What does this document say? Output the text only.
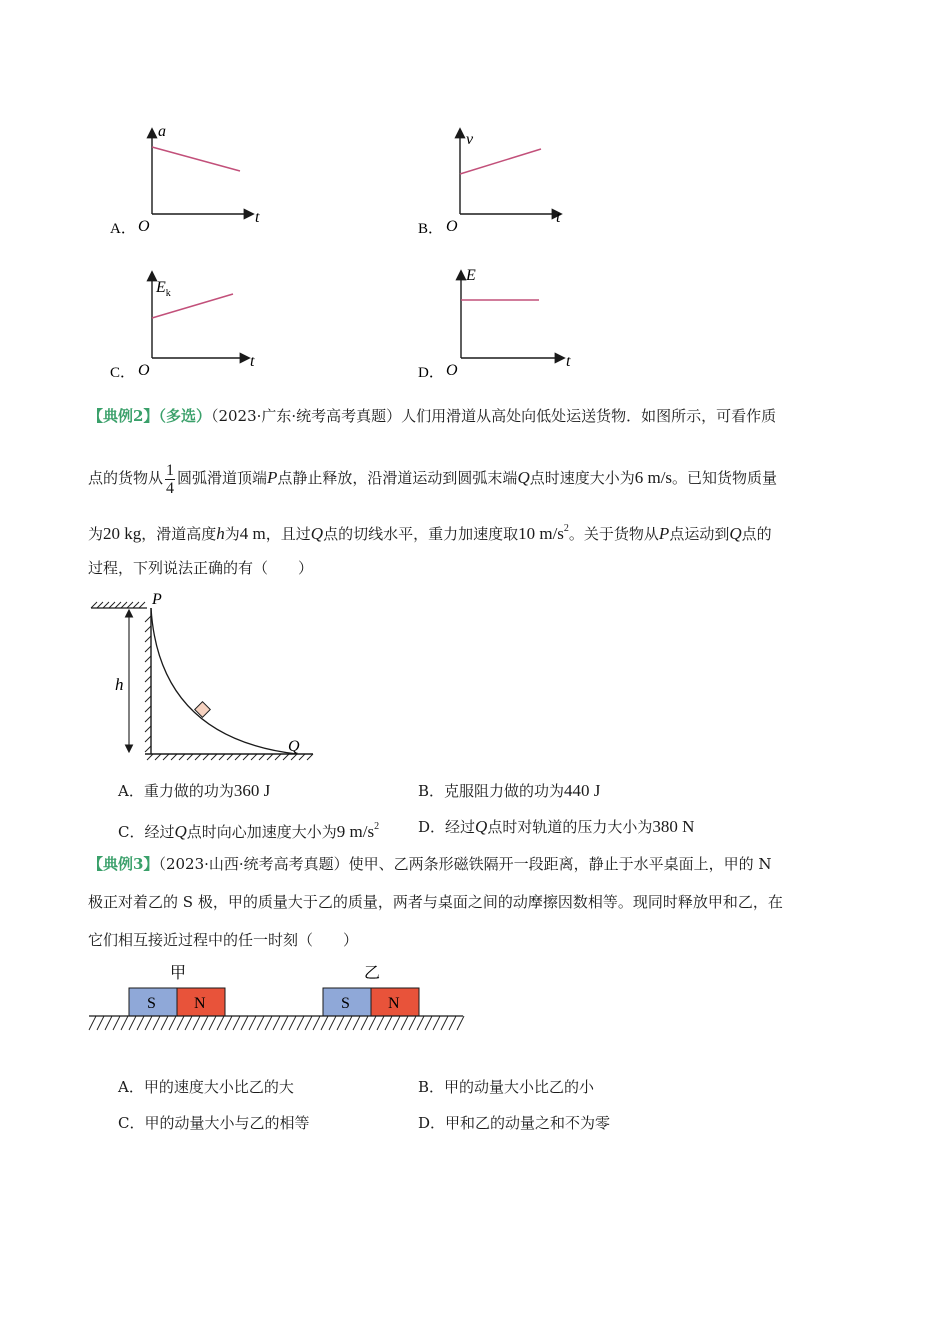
A．
a
t
O	B．
v
t
O
C．
$E_k$
t
O	D．
E
t
O
【典例2】（多选）（2023·广东·统考高考真题）人们用滑道从高处向低处运送货物．如图所示，可看作质
点的货物从 $\frac{1}{4}$ 圆弧滑道顶端P点静止释放，沿滑道运动到圆弧末端Q点时速度大小为6 m/s。已知货物质量
为20 kg，滑道高度h为4 m，且过Q点的切线水平，重力加速度取10 $m/s^2$。关于货物从P点运动到Q点的
过程，下列说法正确的有（　　）
h
P
Q
A．重力做的功为360 J	B．克服阻力做的功为440 J
C．经过Q点时向心加速度大小为9 $m/s^2$	D．经过Q点时对轨道的压力大小为380 N
【典例3】（2023·山西·统考高考真题）使甲、乙两条形磁铁隔开一段距离，静止于水平桌面上，甲的 N
极正对着乙的 S 极，甲的质量大于乙的质量，两者与桌面之间的动摩擦因数相等。现同时释放甲和乙，在
它们相互接近过程中的任一时刻（　　）
甲	乙
S N	S N
A．甲的速度大小比乙的大	B．甲的动量大小比乙的小
C．甲的动量大小与乙的相等	D．甲和乙的动量之和不为零
